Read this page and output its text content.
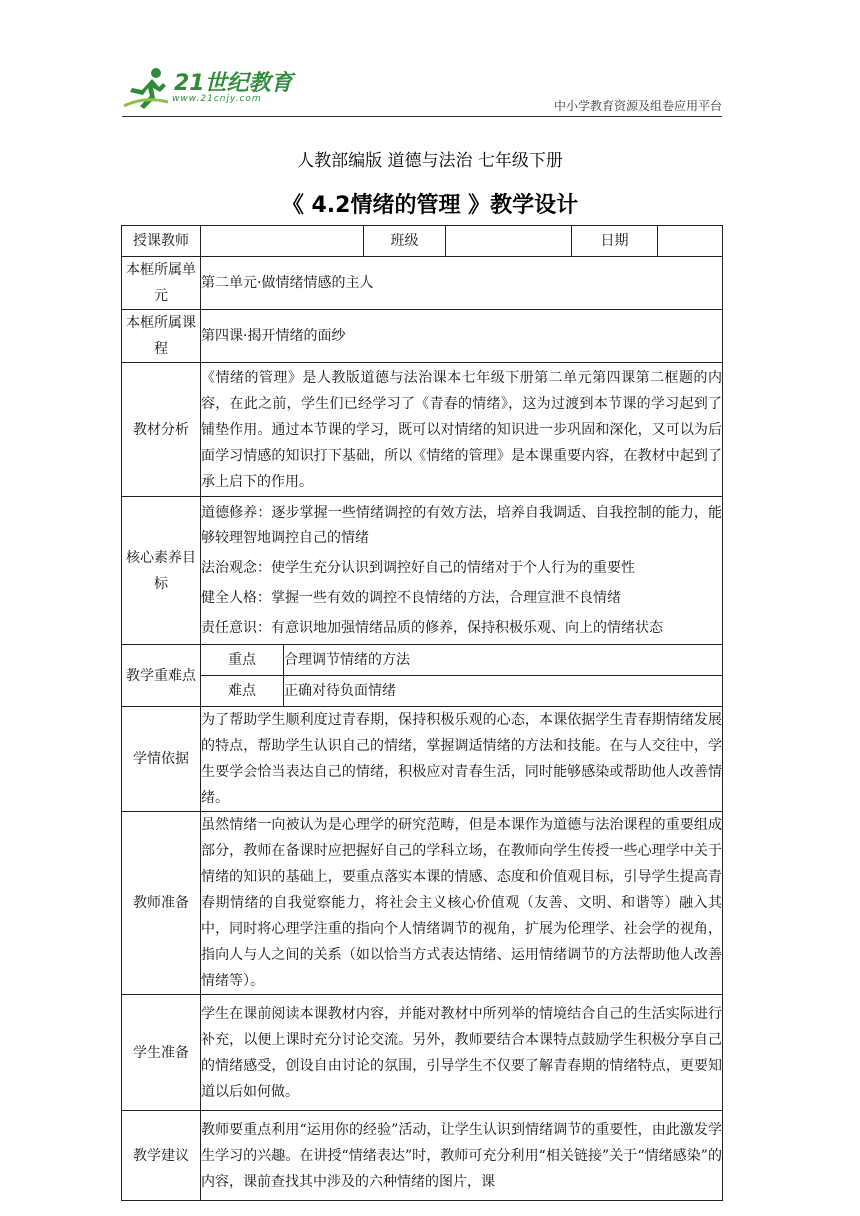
21世纪教育
www.21cnjy.com	中小学教育资源及组卷应用平台
人教部编版 道德与法治 七年级下册
《 4.2情绪的管理 》教学设计
授课教师			班级		日期	
本框所属单元	第二单元·做情绪情感的主人					
本框所属课程	第四课·揭开情绪的面纱					
教材分析	《情绪的管理》是人教版道德与法治课本七年级下册第二单元第四课第二框题的内容，在此之前，学生们已经学习了《青春的情绪》，这为过渡到本节课的学习起到了铺垫作用。通过本节课的学习，既可以对情绪的知识进一步巩固和深化，又可以为后面学习情感的知识打下基础，所以《情绪的管理》是本课重要内容，在教材中起到了承上启下的作用。					
核心素养目标	道德修养：逐步掌握一些情绪调控的有效方法，培养自我调适、自我控制的能力，能够较理智地调控自己的情绪
法治观念：使学生充分认识到调控好自己的情绪对于个人行为的重要性
健全人格：掌握一些有效的调控不良情绪的方法，合理宣泄不良情绪
责任意识：有意识地加强情绪品质的修养，保持积极乐观、向上的情绪状态					

教学重难点	重点	合理调节情绪的方法				
	难点	正确对待负面情绪				
学情依据	为了帮助学生顺利度过青春期，保持积极乐观的心态，本课依据学生青春期情绪发展的特点，帮助学生认识自己的情绪，掌握调适情绪的方法和技能。在与人交往中，学生要学会恰当表达自己的情绪，积极应对青春生活，同时能够感染或帮助他人改善情绪。					
教师准备	虽然情绪一向被认为是心理学的研究范畴，但是本课作为道德与法治课程的重要组成部分，教师在备课时应把握好自己的学科立场，在教师向学生传授一些心理学中关于情绪的知识的基础上，要重点落实本课的情感、态度和价值观目标，引导学生提高青春期情绪的自我觉察能力，将社会主义核心价值观（友善、文明、和谐等）融入其中，同时将心理学注重的指向个人情绪调节的视角，扩展为伦理学、社会学的视角，指向人与人之间的关系（如以恰当方式表达情绪、运用情绪调节的方法帮助他人改善情绪等）。					
学生准备	学生在课前阅读本课教材内容，并能对教材中所列举的情境结合自己的生活实际进行补充，以便上课时充分讨论交流。另外，教师要结合本课特点鼓励学生积极分享自己的情绪感受，创设自由讨论的氛围，引导学生不仅要了解青春期的情绪特点，更要知道以后如何做。					
教学建议	教师要重点利用“运用你的经验”活动，让学生认识到情绪调节的重要性，由此激发学生学习的兴趣。在讲授“情绪表达”时，教师可充分利用“相关链接”关于“情绪感染”的内容，课前查找其中涉及的六种情绪的图片，课					
